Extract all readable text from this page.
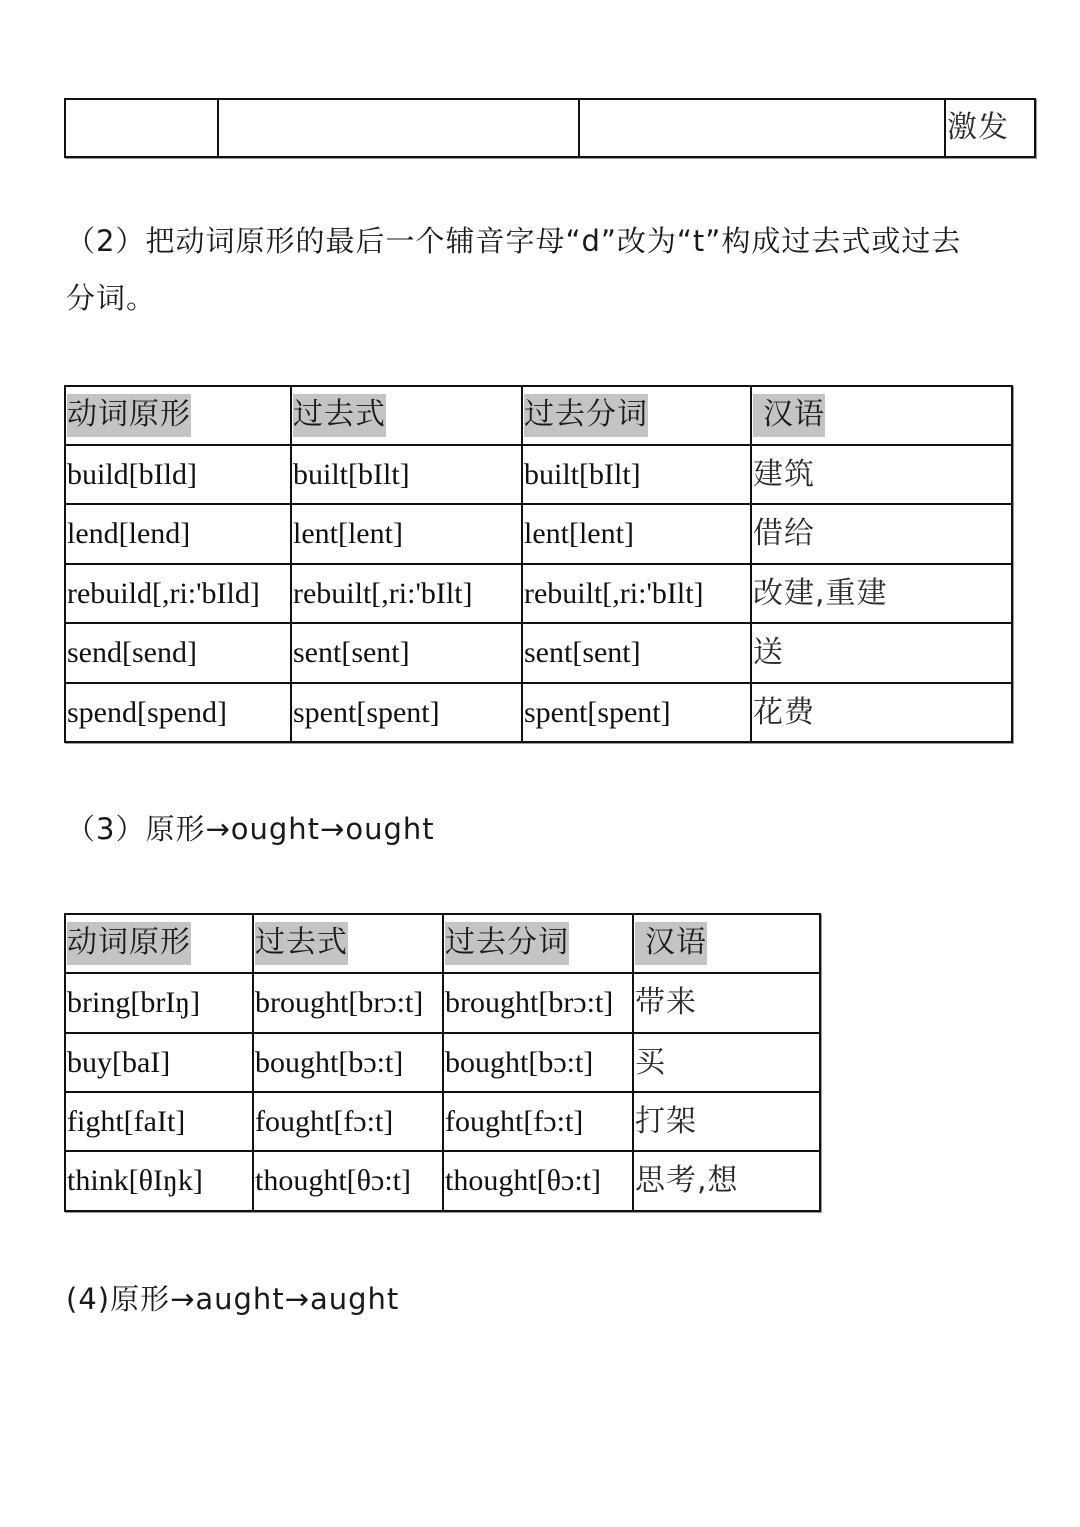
			激发
（2）把动词原形的最后一个辅音字母“d”改为“t”构成过去式或过去
分词。
动词原形	过去式	过去分词	汉语
build[bIld]	built[bIlt]	built[bIlt]	建筑
lend[lend]	lent[lent]	lent[lent]	借给
rebuild[,ri:'bIld]	rebuilt[,ri:'bIlt]	rebuilt[,ri:'bIlt]	改建,重建
send[send]	sent[sent]	sent[sent]	送
spend[spend]	spent[spent]	spent[spent]	花费
（3）原形→ought→ought
动词原形	过去式	过去分词	汉语
bring[brIŋ]	brought[brɔ:t]	brought[brɔ:t]	带来
buy[baI]	bought[bɔ:t]	bought[bɔ:t]	买
fight[faIt]	fought[fɔ:t]	fought[fɔ:t]	打架
think[θIŋk]	thought[θɔ:t]	thought[θɔ:t]	思考,想
(4)原形→aught→aught
